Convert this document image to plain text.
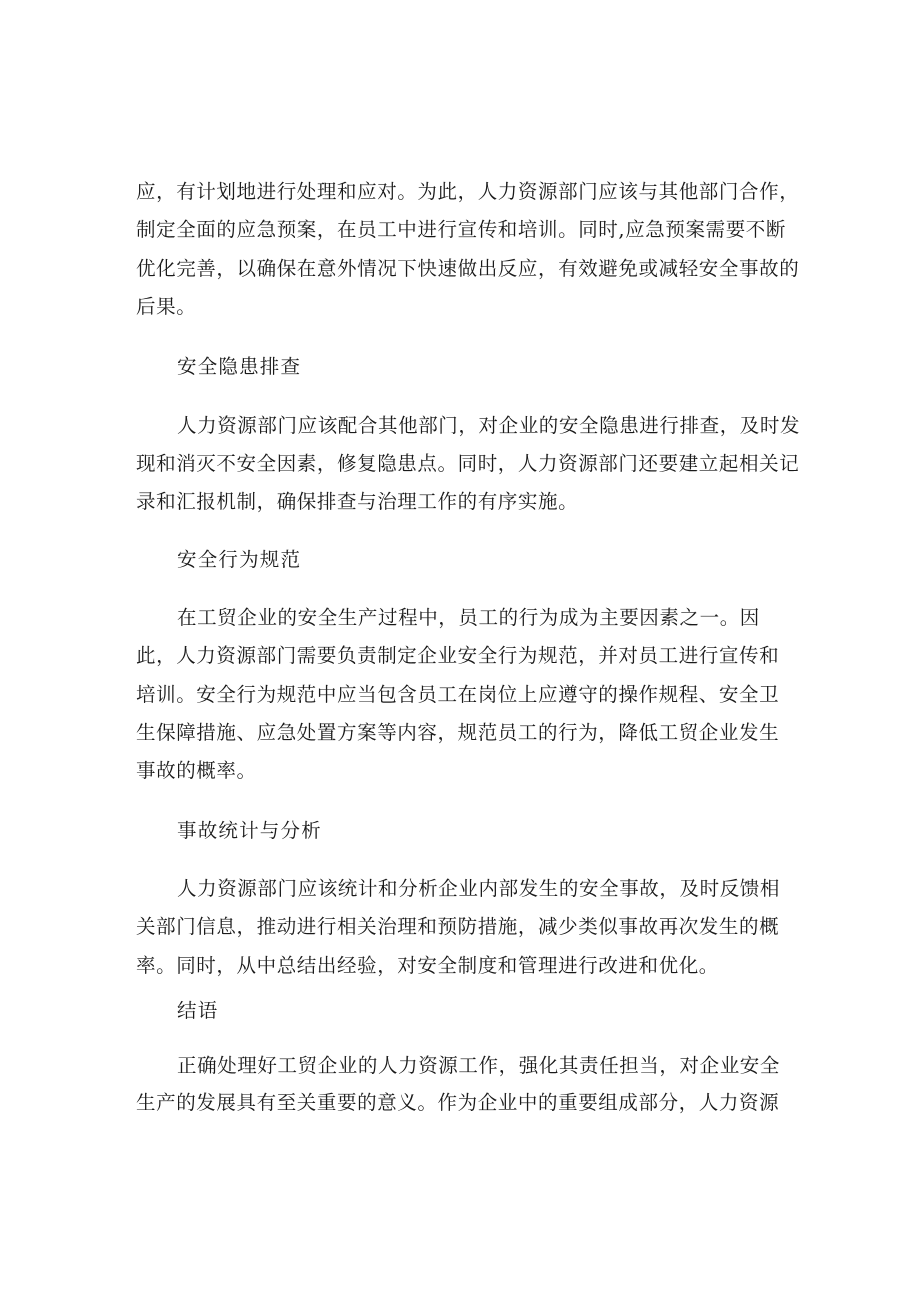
应，有计划地进行处理和应对。为此，人力资源部门应该与其他部门合作，

制定全面的应急预案，在员工中进行宣传和培训。同时,应急预案需要不断

优化完善，以确保在意外情况下快速做出反应，有效避免或减轻安全事故的

后果。

安全隐患排查

人力资源部门应该配合其他部门，对企业的安全隐患进行排查，及时发

现和消灭不安全因素，修复隐患点。同时，人力资源部门还要建立起相关记

录和汇报机制，确保排查与治理工作的有序实施。

安全行为规范

在工贸企业的安全生产过程中，员工的行为成为主要因素之一。因

此，人力资源部门需要负责制定企业安全行为规范，并对员工进行宣传和

培训。安全行为规范中应当包含员工在岗位上应遵守的操作规程、安全卫

生保障措施、应急处置方案等内容，规范员工的行为，降低工贸企业发生

事故的概率。

事故统计与分析

人力资源部门应该统计和分析企业内部发生的安全事故，及时反馈相

关部门信息，推动进行相关治理和预防措施，减少类似事故再次发生的概

率。同时，从中总结出经验，对安全制度和管理进行改进和优化。

结语

正确处理好工贸企业的人力资源工作，强化其责任担当，对企业安全

生产的发展具有至关重要的意义。作为企业中的重要组成部分，人力资源
